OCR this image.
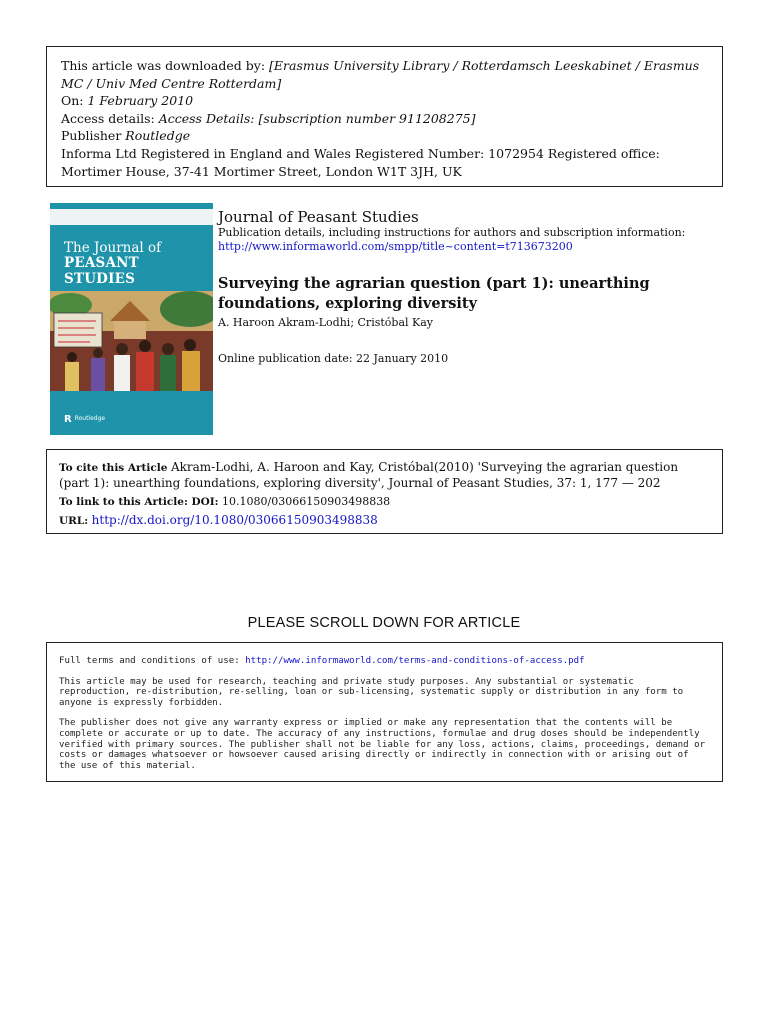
This article was downloaded by: [Erasmus University Library / Rotterdamsch Leeskabinet / Erasmus MC / Univ Med Centre Rotterdam]
On: 1 February 2010
Access details: Access Details: [subscription number 911208275]
Publisher Routledge
Informa Ltd Registered in England and Wales Registered Number: 1072954 Registered office: Mortimer House, 37-41 Mortimer Street, London W1T 3JH, UK
The Journal of
PEASANT STUDIES
R Routledge
Journal of Peasant Studies
Publication details, including instructions for authors and subscription information:
http://www.informaworld.com/smpp/title~content=t713673200
Surveying the agrarian question (part 1): unearthing foundations, exploring diversity
A. Haroon Akram-Lodhi; Cristóbal Kay
Online publication date: 22 January 2010
To cite this Article Akram-Lodhi, A. Haroon and Kay, Cristóbal(2010) 'Surveying the agrarian question (part 1): unearthing foundations, exploring diversity', Journal of Peasant Studies, 37: 1, 177 — 202
To link to this Article: DOI: 10.1080/03066150903498838
URL: http://dx.doi.org/10.1080/03066150903498838
PLEASE SCROLL DOWN FOR ARTICLE

Full terms and conditions of use: http://www.informaworld.com/terms-and-conditions-of-access.pdf

This article may be used for research, teaching and private study purposes. Any substantial or systematic reproduction, re-distribution, re-selling, loan or sub-licensing, systematic supply or distribution in any form to anyone is expressly forbidden.

The publisher does not give any warranty express or implied or make any representation that the contents will be complete or accurate or up to date. The accuracy of any instructions, formulae and drug doses should be independently verified with primary sources. The publisher shall not be liable for any loss, actions, claims, proceedings, demand or costs or damages whatsoever or howsoever caused arising directly or indirectly in connection with or arising out of the use of this material.
